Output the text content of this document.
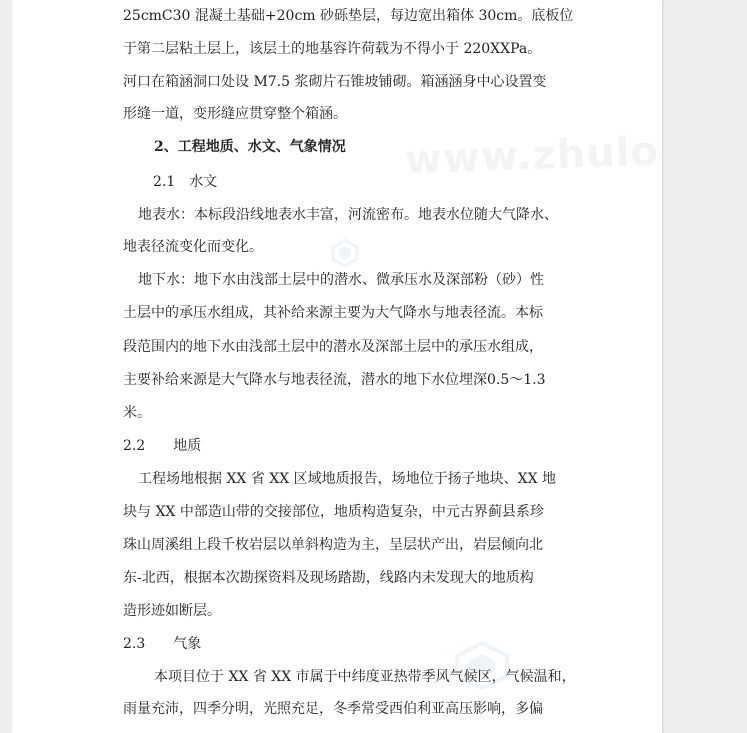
25cmC30 混凝土基础+20cm 砂砾垫层，每边宽出箱体 30cm。底板位
于第二层粘土层上，该层土的地基容许荷载为不得小于 220XXPa。
河口在箱涵洞口处设 M7.5 浆砌片石锥坡铺砌。箱涵涵身中心设置变
形缝一道，变形缝应贯穿整个箱涵。
2、工程地质、水文、气象情况
2.1　水文
地表水：本标段沿线地表水丰富，河流密布。地表水位随大气降水、
地表径流变化而变化。
地下水：地下水由浅部土层中的潜水、微承压水及深部粉（砂）性
土层中的承压水组成，其补给来源主要为大气降水与地表径流。本标
段范围内的地下水由浅部土层中的潜水及深部土层中的承压水组成，
主要补给来源是大气降水与地表径流，潜水的地下水位埋深0.5～1.3
米。
2.2　　地质
工程场地根据 XX 省 XX 区域地质报告，场地位于扬子地块、XX 地
块与 XX 中部造山带的交接部位，地质构造复杂，中元古界蓟县系珍
珠山周溪组上段千枚岩层以单斜构造为主，呈层状产出，岩层倾向北
东-北西，根据本次勘探资料及现场踏勘，线路内未发现大的地质构
造形迹如断层。
2.3　　气象
本项目位于 XX 省 XX 市属于中纬度亚热带季风气候区，气候温和，
雨量充沛，四季分明，光照充足，冬季常受西伯利亚高压影响，多偏
